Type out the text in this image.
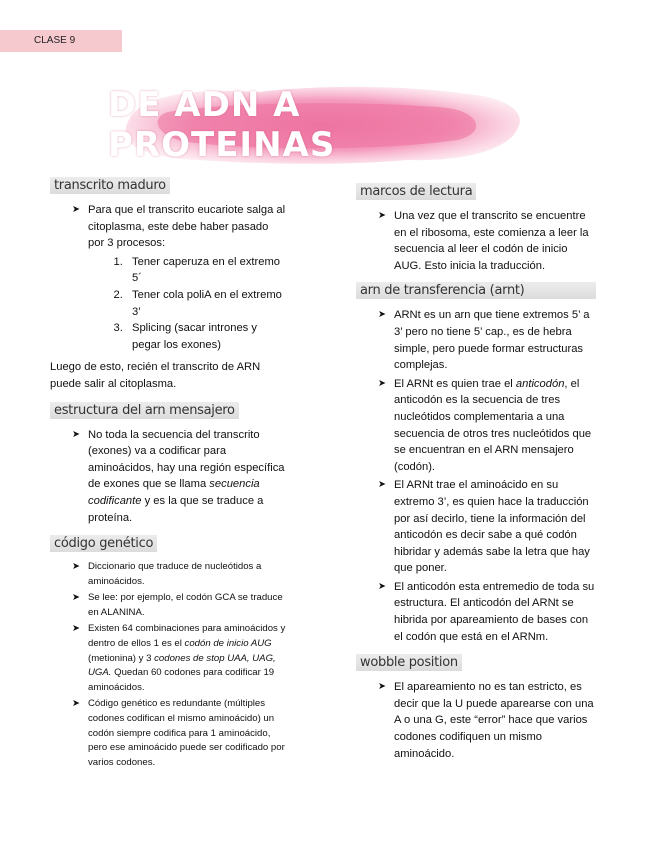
CLASE 9
DE ADN A PROTEINAS
transcrito maduro
➤ Para que el transcrito eucariote salga al citoplasma, este debe haber pasado por 3 procesos:
1. Tener caperuza en el extremo 5´
2. Tener cola poliA en el extremo 3’
3. Splicing (sacar intrones y pegar los exones)

Luego de esto, recién el transcrito de ARN puede salir al citoplasma.

estructura del arn mensajero
➤ No toda la secuencia del transcrito (exones) va a codificar para aminoácidos, hay una región específica de exones que se llama secuencia codificante y es la que se traduce a proteína.
código genético
➤ Diccionario que traduce de nucleótidos a aminoácidos.
➤ Se lee: por ejemplo, el codón GCA se traduce en ALANINA.
➤ Existen 64 combinaciones para aminoácidos y dentro de ellos 1 es el codón de inicio AUG (metionina) y 3 codones de stop UAA, UAG, UGA. Quedan 60 codones para codificar 19 aminoácidos.
➤ Código genético es redundante (múltiples codones codifican el mismo aminoácido) un codón siempre codifica para 1 aminoácido, pero ese aminoácido puede ser codificado por varios codones.
marcos de lectura
➤ Una vez que el transcrito se encuentre en el ribosoma, este comienza a leer la secuencia al leer el codón de inicio AUG. Esto inicia la traducción.
arn de transferencia (arnt)
➤ ARNt es un arn que tiene extremos 5’ a 3’ pero no tiene 5’ cap., es de hebra simple, pero puede formar estructuras complejas.
➤ El ARNt es quien trae el anticodón, el anticodón es la secuencia de tres nucleótidos complementaria a una secuencia de otros tres nucleótidos que se encuentran en el ARN mensajero (codón).
➤ El ARNt trae el aminoácido en su extremo 3’, es quien hace la traducción por así decirlo, tiene la información del anticodón es decir sabe a qué codón hibridar y además sabe la letra que hay que poner.
➤ El anticodón esta entremedio de toda su estructura. El anticodón del ARNt se hibrida por apareamiento de bases con el codón que está en el ARNm.
wobble position
➤ El apareamiento no es tan estricto, es decir que la U puede aparearse con una A o una G, este “error” hace que varios codones codifiquen un mismo aminoácido.
